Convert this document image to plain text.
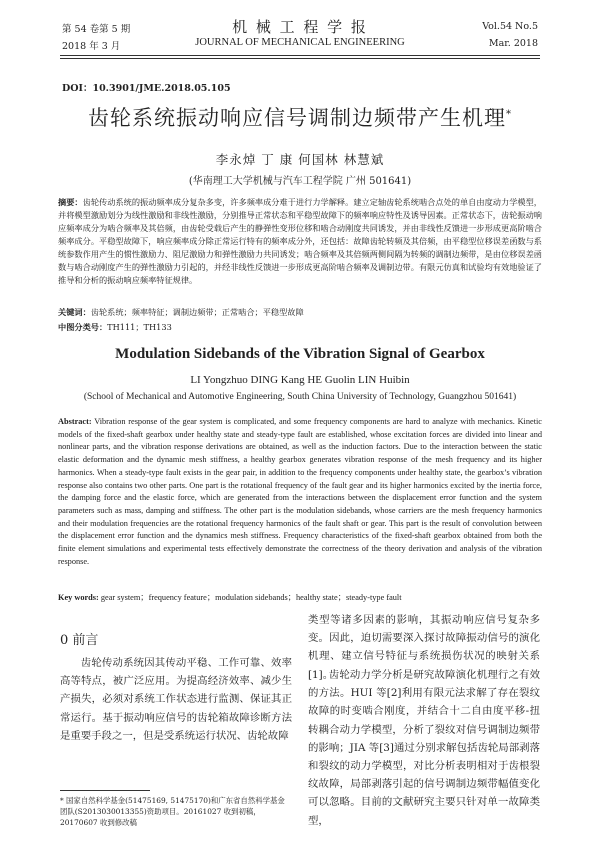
第 54 卷第 5 期
2018 年 3 月
机 械 工 程 学 报
JOURNAL OF MECHANICAL ENGINEERING
Vol.54 No.5
Mar. 2018
DOI：10.3901/JME.2018.05.105
齿轮系统振动响应信号调制边频带产生机理*
李永焯 丁 康 何国林 林慧斌
(华南理工大学机械与汽车工程学院 广州 501641)
摘要：齿轮传动系统的振动频率成分复杂多变，许多频率成分难于进行力学解释。建立定轴齿轮系统啮合点处的单自由度动力学模型，并将模型激励划分为线性激励和非线性激励，分别推导正常状态和平稳型故障下的频率响应特性及诱导因素。正常状态下，齿轮振动响应频率成分为啮合频率及其倍频，由齿轮受载后产生的静弹性变形位移和啮合动刚度共同诱发，并由非线性反馈进一步形成更高阶啮合频率成分。平稳型故障下，响应频率成分除正常运行特有的频率成分外，还包括：故障齿轮转频及其倍频，由平稳型位移误差函数与系统参数作用产生的惯性激励力、阻尼激励力和弹性激励力共同诱发；啮合频率及其倍频两侧间隔为转频的调制边频带，是由位移误差函数与啮合动刚度产生的弹性激励力引起的，并经非线性反馈进一步形成更高阶啮合频率及调制边带。有限元仿真和试验均有效地验证了推导和分析的振动响应频率特征规律。
关键词：齿轮系统；频率特征；调制边频带；正常啮合；平稳型故障
中图分类号：TH111；TH133
Modulation Sidebands of the Vibration Signal of Gearbox
LI Yongzhuo DING Kang HE Guolin LIN Huibin
(School of Mechanical and Automotive Engineering, South China University of Technology, Guangzhou 501641)
Abstract: Vibration response of the gear system is complicated, and some frequency components are hard to analyze with mechanics. Kinetic models of the fixed-shaft gearbox under healthy state and steady-type fault are established, whose excitation forces are divided into linear and nonlinear parts, and the vibration response derivations are obtained, as well as the induction factors. Due to the interaction between the static elastic deformation and the dynamic mesh stiffness, a healthy gearbox generates vibration response of the mesh frequency and its higher harmonics. When a steady-type fault exists in the gear pair, in addition to the frequency components under healthy state, the gearbox’s vibration response also contains two other parts. One part is the rotational frequency of the fault gear and its higher harmonics excited by the inertia force, the damping force and the elastic force, which are generated from the interactions between the displacement error function and the system parameters such as mass, damping and stiffness. The other part is the modulation sidebands, whose carriers are the mesh frequency harmonics and their modulation frequencies are the rotational frequency harmonics of the fault shaft or gear. This part is the result of convolution between the displacement error function and the dynamics mesh stiffness. Frequency characteristics of the fixed-shaft gearbox obtained from both the finite element simulations and experimental tests effectively demonstrate the correctness of the theory derivation and analysis of the vibration response.
Key words: gear system；frequency feature；modulation sidebands；healthy state；steady-type fault
0 前言
齿轮传动系统因其传动平稳、工作可靠、效率高等特点，被广泛应用。为提高经济效率、减少生产损失，必须对系统工作状态进行监测、保证其正常运行。基于振动响应信号的齿轮箱故障诊断方法是重要手段之一，但是受系统运行状况、齿轮故障
* 国家自然科学基金(51475169, 51475170)和广东省自然科学基金团队(S2013030013355)资助项目。20161027 收到初稿，20170607 收到修改稿
类型等诸多因素的影响，其振动响应信号复杂多变。因此，迫切需要深入探讨故障振动信号的演化机理、建立信号特征与系统损伤状况的映射关系[1]。
齿轮动力学分析是研究故障演化机理行之有效的方法。HUI 等[2]利用有限元法求解了存在裂纹故障的时变啮合刚度，并结合十二自由度平移-扭转耦合动力学模型，分析了裂纹对信号调制边频带的影响；JIA 等[3]通过分别求解包括齿轮局部剥落和裂纹的动力学模型，对比分析表明相对于齿根裂纹故障，局部剥落引起的信号调制边频带幅值变化可以忽略。目前的文献研究主要只针对单一故障类型，
